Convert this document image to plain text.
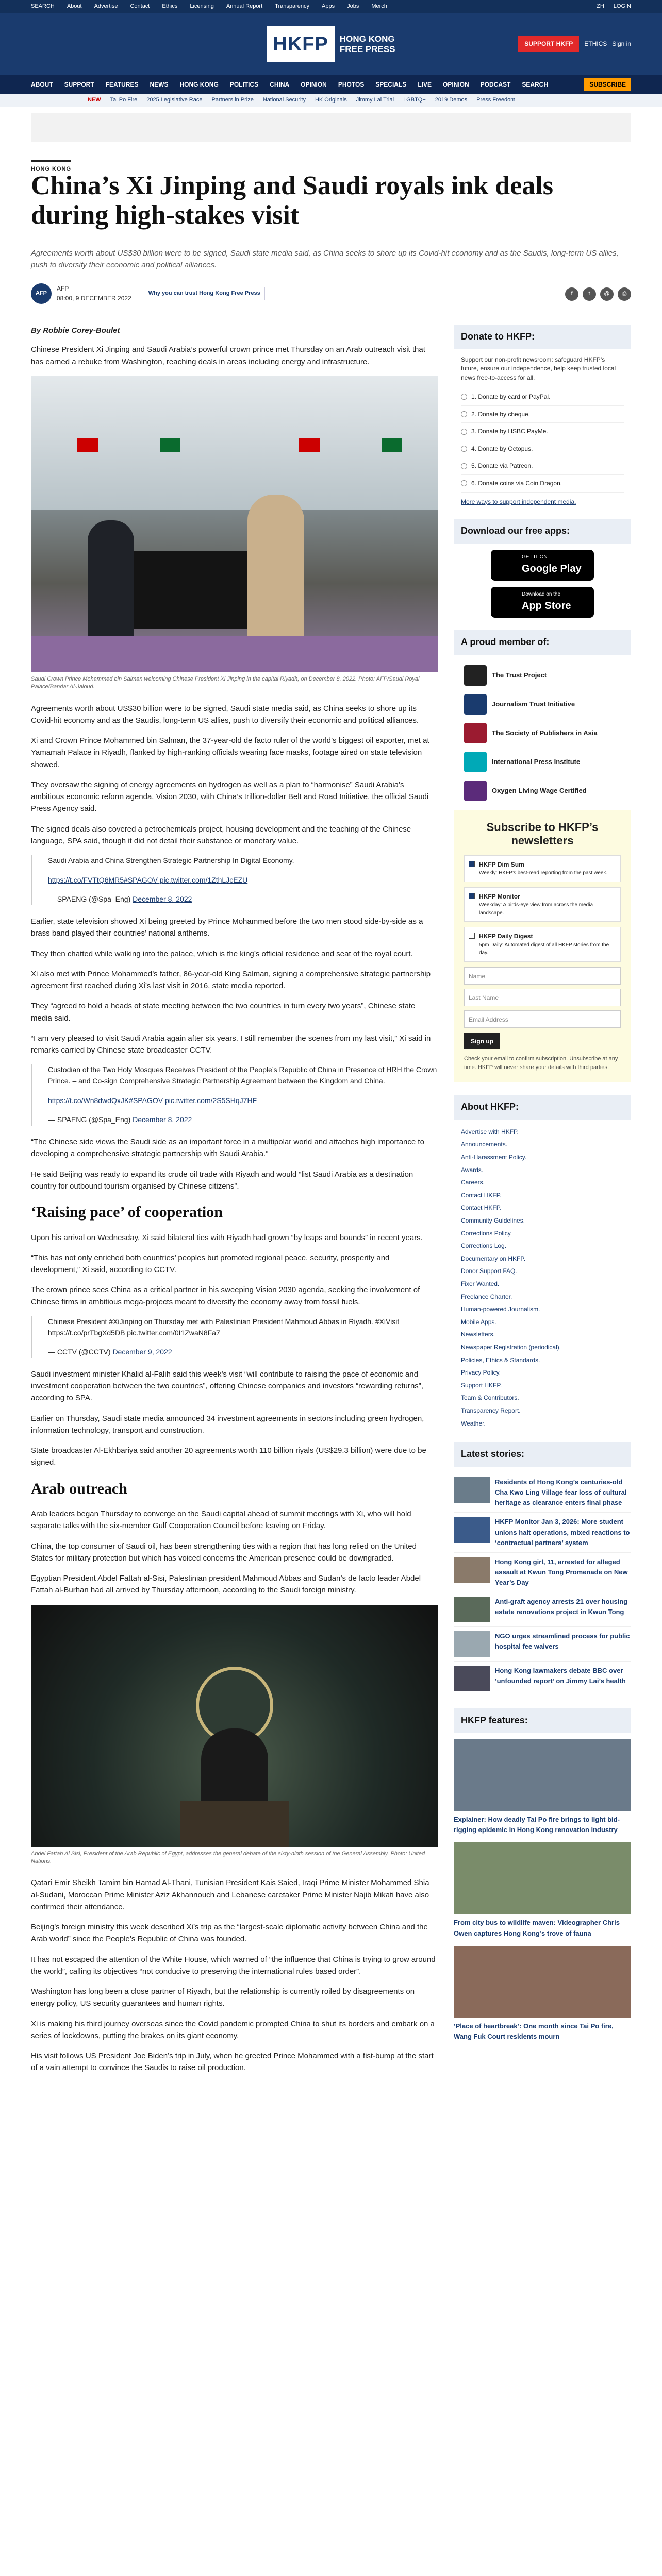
SEARCH About Advertise Contact Ethics Licensing Annual Report Transparency Apps Jobs Merch	ZH LOGIN
HKFP	HONG KONG
FREE PRESS
SUPPORT HKFP	ETHICS Sign in
ABOUT SUPPORT FEATURES NEWS HONG KONG POLITICS CHINA OPINION PHOTOS SPECIALS LIVE OPINION PODCAST SEARCH	SUBSCRIBE
NEW Tai Po Fire 2025 Legislative Race Partners in Prize National Security HK Originals Jimmy Lai Trial LGBTQ+ 2019 Demos Press Freedom
HONG KONG
China’s Xi Jinping and Saudi royals ink deals during high-stakes visit
Agreements worth about US$30 billion were to be signed, Saudi state media said, as China seeks to shore up its Covid-hit economy and as the Saudis, long-term US allies, push to diversify their economic and political alliances.
AFP
AFP
08:00, 9 DECEMBER 2022
Why you can trust Hong Kong Free Press	f	t	@	⎙
By Robbie Corey-Boulet

Chinese President Xi Jinping and Saudi Arabia’s powerful crown prince met Thursday on an Arab outreach visit that has earned a rebuke from Washington, reaching deals in areas including energy and infrastructure.

Saudi Crown Prince Mohammed bin Salman welcoming Chinese President Xi Jinping in the capital Riyadh, on December 8, 2022. Photo: AFP/Saudi Royal Palace/Bandar Al-Jaloud.

Agreements worth about US$30 billion were to be signed, Saudi state media said, as China seeks to shore up its Covid-hit economy and as the Saudis, long-term US allies, push to diversify their economic and political alliances.

Xi and Crown Prince Mohammed bin Salman, the 37-year-old de facto ruler of the world’s biggest oil exporter, met at Yamamah Palace in Riyadh, flanked by high-ranking officials wearing face masks, footage aired on state television showed.

They oversaw the signing of energy agreements on hydrogen as well as a plan to “harmonise” Saudi Arabia’s ambitious economic reform agenda, Vision 2030, with China’s trillion-dollar Belt and Road Initiative, the official Saudi Press Agency said.

The signed deals also covered a petrochemicals project, housing development and the teaching of the Chinese language, SPA said, though it did not detail their substance or monetary value.

Saudi Arabia and China Strengthen Strategic Partnership In Digital Economy.

https://t.co/FVTtQ6MR5#SPAGOV pic.twitter.com/1ZthLJcEZU

— SPAENG (@Spa_Eng) December 8, 2022

Earlier, state television showed Xi being greeted by Prince Mohammed before the two men stood side-by-side as a brass band played their countries’ national anthems.

They then chatted while walking into the palace, which is the king’s official residence and seat of the royal court.

Xi also met with Prince Mohammed’s father, 86-year-old King Salman, signing a comprehensive strategic partnership agreement first reached during Xi’s last visit in 2016, state media reported.

They “agreed to hold a heads of state meeting between the two countries in turn every two years”, Chinese state media said.

“I am very pleased to visit Saudi Arabia again after six years. I still remember the scenes from my last visit,” Xi said in remarks carried by Chinese state broadcaster CCTV.

Custodian of the Two Holy Mosques Receives President of the People’s Republic of China in Presence of HRH the Crown Prince. – and Co-sign Comprehensive Strategic Partnership Agreement between the Kingdom and China.

https://t.co/Wn8dwdQxJK#SPAGOV pic.twitter.com/2S5SHqJ7HF

— SPAENG (@Spa_Eng) December 8, 2022

“The Chinese side views the Saudi side as an important force in a multipolar world and attaches high importance to developing a comprehensive strategic partnership with Saudi Arabia.”

He said Beijing was ready to expand its crude oil trade with Riyadh and would “list Saudi Arabia as a destination country for outbound tourism organised by Chinese citizens”.

‘Raising pace’ of cooperation

Upon his arrival on Wednesday, Xi said bilateral ties with Riyadh had grown “by leaps and bounds” in recent years.

“This has not only enriched both countries’ peoples but promoted regional peace, security, prosperity and development,” Xi said, according to CCTV.

The crown prince sees China as a critical partner in his sweeping Vision 2030 agenda, seeking the involvement of Chinese firms in ambitious mega-projects meant to diversify the economy away from fossil fuels.

Chinese President #XiJinping on Thursday met with Palestinian President Mahmoud Abbas in Riyadh. #XiVisit https://t.co/prTbgXd5DB pic.twitter.com/0I1ZwaN8Fa7

— CCTV (@CCTV) December 9, 2022

Saudi investment minister Khalid al-Falih said this week’s visit “will contribute to raising the pace of economic and investment cooperation between the two countries”, offering Chinese companies and investors “rewarding returns”, according to SPA.

Earlier on Thursday, Saudi state media announced 34 investment agreements in sectors including green hydrogen, information technology, transport and construction.

State broadcaster Al-Ekhbariya said another 20 agreements worth 110 billion riyals (US$29.3 billion) were due to be signed.

Arab outreach

Arab leaders began Thursday to converge on the Saudi capital ahead of summit meetings with Xi, who will hold separate talks with the six-member Gulf Cooperation Council before leaving on Friday.

China, the top consumer of Saudi oil, has been strengthening ties with a region that has long relied on the United States for military protection but which has voiced concerns the American presence could be downgraded.

Egyptian President Abdel Fattah al-Sisi, Palestinian president Mahmoud Abbas and Sudan’s de facto leader Abdel Fattah al-Burhan had all arrived by Thursday afternoon, according to the Saudi foreign ministry.

Abdel Fattah Al Sisi, President of the Arab Republic of Egypt, addresses the general debate of the sixty-ninth session of the General Assembly. Photo: United Nations.

Qatari Emir Sheikh Tamim bin Hamad Al-Thani, Tunisian President Kais Saied, Iraqi Prime Minister Mohammed Shia al-Sudani, Moroccan Prime Minister Aziz Akhannouch and Lebanese caretaker Prime Minister Najib Mikati have also confirmed their attendance.

Beijing’s foreign ministry this week described Xi’s trip as the “largest-scale diplomatic activity between China and the Arab world” since the People’s Republic of China was founded.

It has not escaped the attention of the White House, which warned of “the influence that China is trying to grow around the world”, calling its objectives “not conducive to preserving the international rules based order”.

Washington has long been a close partner of Riyadh, but the relationship is currently roiled by disagreements on energy policy, US security guarantees and human rights.

Xi is making his third journey overseas since the Covid pandemic prompted China to shut its borders and embark on a series of lockdowns, putting the brakes on its giant economy.

His visit follows US President Joe Biden’s trip in July, when he greeted Prince Mohammed with a fist-bump at the start of a vain attempt to convince the Saudis to raise oil production.

Donate to HKFP:

Support our non-profit newsroom: safeguard HKFP’s future, ensure our independence, help keep trusted local news free-to-access for all.

1. Donate by card or PayPal.
2. Donate by cheque.
3. Donate by HSBC PayMe.
4. Donate by Octopus.
5. Donate via Patreon.
6. Donate coins via Coin Dragon.

More ways to support independent media.

Download our free apps:
GET IT ON
Google Play
Download on the
App Store
A proud member of:
The Trust Project
Journalism Trust Initiative
The Society of Publishers in Asia
International Press Institute
Oxygen Living Wage Certified
Subscribe to HKFP’s newsletters
HKFP Dim Sum
Weekly: HKFP’s best-read reporting from the past week.
HKFP Monitor
Weekday: A birds-eye view from across the media landscape.
HKFP Daily Digest
5pm Daily: Automated digest of all HKFP stories from the day.
Name
Last Name
Email Address
Sign up

Check your email to confirm subscription. Unsubscribe at any time. HKFP will never share your details with third parties.

About HKFP:
Advertise with HKFP.
Announcements.
Anti-Harassment Policy.
Awards.
Careers.
Contact HKFP.
Contact HKFP.
Community Guidelines.
Corrections Policy.
Corrections Log.
Documentary on HKFP.
Donor Support FAQ.
Fixer Wanted.
Freelance Charter.
Human-powered Journalism.
Mobile Apps.
Newsletters.
Newspaper Registration (periodical).
Policies, Ethics & Standards.
Privacy Policy.
Support HKFP.
Team & Contributors.
Transparency Report.
Weather.
Latest stories:
Residents of Hong Kong’s centuries-old Cha Kwo Ling Village fear loss of cultural heritage as clearance enters final phase
HKFP Monitor Jan 3, 2026: More student unions halt operations, mixed reactions to ‘contractual partners’ system
Hong Kong girl, 11, arrested for alleged assault at Kwun Tong Promenade on New Year’s Day
Anti-graft agency arrests 21 over housing estate renovations project in Kwun Tong
NGO urges streamlined process for public hospital fee waivers
Hong Kong lawmakers debate BBC over ‘unfounded report’ on Jimmy Lai’s health
HKFP features:

Explainer: How deadly Tai Po fire brings to light bid-rigging epidemic in Hong Kong renovation industry

From city bus to wildlife maven: Videographer Chris Owen captures Hong Kong’s trove of fauna

‘Place of heartbreak’: One month since Tai Po fire, Wang Fuk Court residents mourn
